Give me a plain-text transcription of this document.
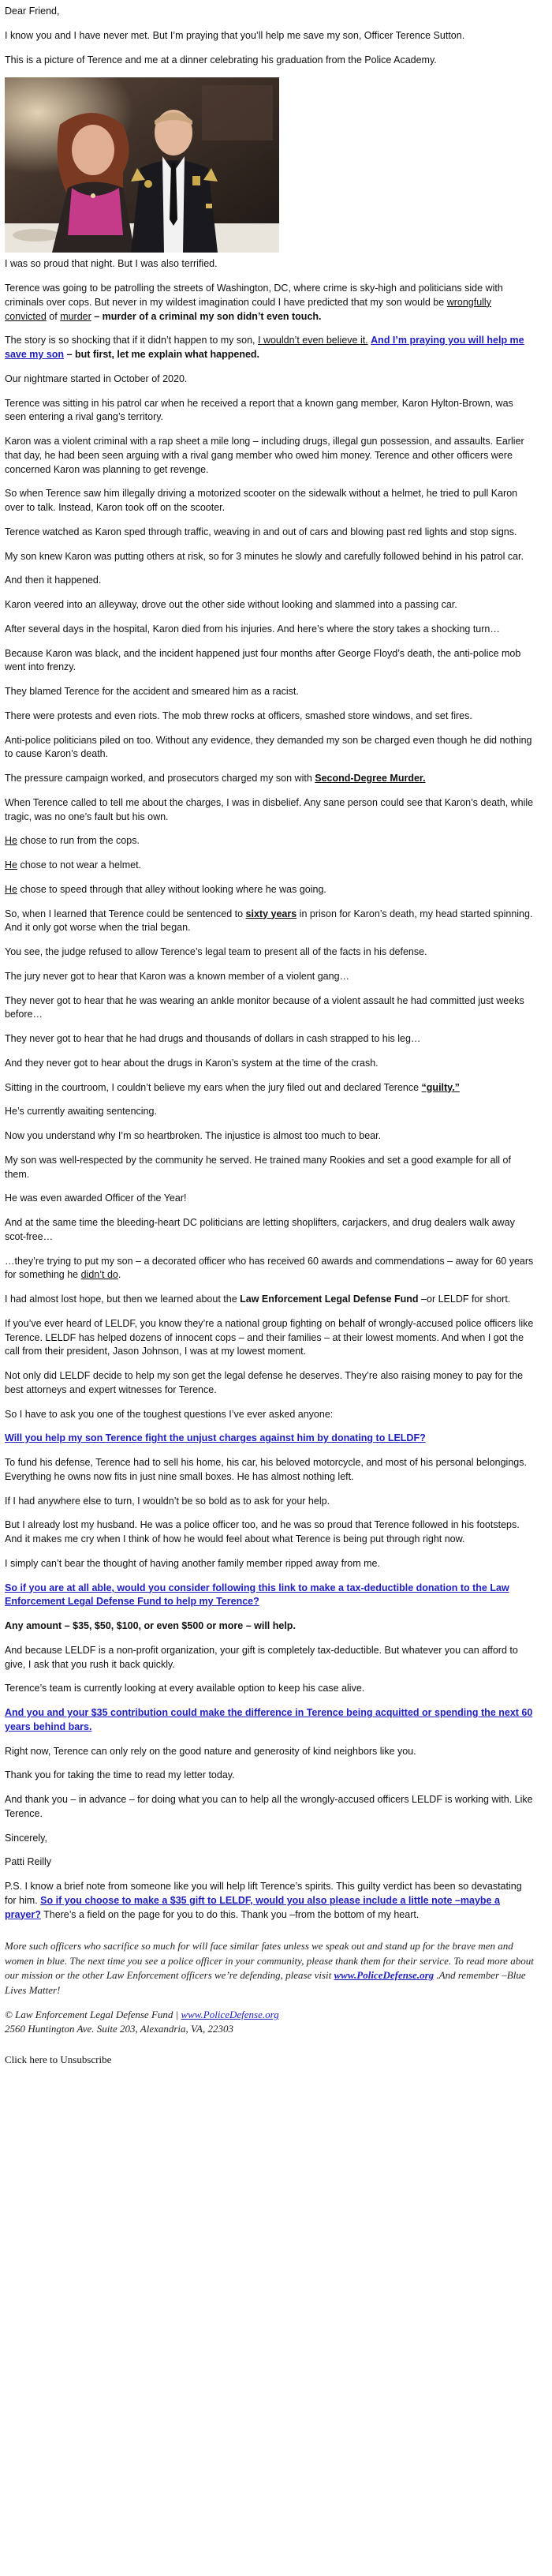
Dear Friend,

I know you and I have never met. But I’m praying that you’ll help me save my son, Officer Terence Sutton.

This is a picture of Terence and me at a dinner celebrating his graduation from the Police Academy.

I was so proud that night. But I was also terrified.

Terence was going to be patrolling the streets of Washington, DC, where crime is sky-high and politicians side with criminals over cops. But never in my wildest imagination could I have predicted that my son would be wrongfully convicted of murder – murder of a criminal my son didn’t even touch.

The story is so shocking that if it didn’t happen to my son, I wouldn’t even believe it. And I’m praying you will help me save my son – but first, let me explain what happened.

Our nightmare started in October of 2020.

Terence was sitting in his patrol car when he received a report that a known gang member, Karon Hylton-Brown, was seen entering a rival gang’s territory.

Karon was a violent criminal with a rap sheet a mile long – including drugs, illegal gun possession, and assaults. Earlier that day, he had been seen arguing with a rival gang member who owed him money. Terence and other officers were concerned Karon was planning to get revenge.

So when Terence saw him illegally driving a motorized scooter on the sidewalk without a helmet, he tried to pull Karon over to talk. Instead, Karon took off on the scooter.

Terence watched as Karon sped through traffic, weaving in and out of cars and blowing past red lights and stop signs.

My son knew Karon was putting others at risk, so for 3 minutes he slowly and carefully followed behind in his patrol car.

And then it happened.

Karon veered into an alleyway, drove out the other side without looking and slammed into a passing car.

After several days in the hospital, Karon died from his injuries. And here’s where the story takes a shocking turn…

Because Karon was black, and the incident happened just four months after George Floyd’s death, the anti-police mob went into frenzy.

They blamed Terence for the accident and smeared him as a racist.

There were protests and even riots. The mob threw rocks at officers, smashed store windows, and set fires.

Anti-police politicians piled on too. Without any evidence, they demanded my son be charged even though he did nothing to cause Karon’s death.

The pressure campaign worked, and prosecutors charged my son with Second-Degree Murder.

When Terence called to tell me about the charges, I was in disbelief. Any sane person could see that Karon’s death, while tragic, was no one’s fault but his own.

He chose to run from the cops.

He chose to not wear a helmet.

He chose to speed through that alley without looking where he was going.

So, when I learned that Terence could be sentenced to sixty years in prison for Karon’s death, my head started spinning. And it only got worse when the trial began.

You see, the judge refused to allow Terence’s legal team to present all of the facts in his defense.

The jury never got to hear that Karon was a known member of a violent gang…

They never got to hear that he was wearing an ankle monitor because of a violent assault he had committed just weeks before…

They never got to hear that he had drugs and thousands of dollars in cash strapped to his leg…

And they never got to hear about the drugs in Karon’s system at the time of the crash.

Sitting in the courtroom, I couldn’t believe my ears when the jury filed out and declared Terence “guilty.”

He’s currently awaiting sentencing.

Now you understand why I’m so heartbroken. The injustice is almost too much to bear.

My son was well-respected by the community he served. He trained many Rookies and set a good example for all of them.

He was even awarded Officer of the Year!

And at the same time the bleeding-heart DC politicians are letting shoplifters, carjackers, and drug dealers walk away scot-free…

…they’re trying to put my son – a decorated officer who has received 60 awards and commendations – away for 60 years for something he didn’t do.

I had almost lost hope, but then we learned about the Law Enforcement Legal Defense Fund –or LELDF for short.

If you’ve ever heard of LELDF, you know they’re a national group fighting on behalf of wrongly-accused police officers like Terence. LELDF has helped dozens of innocent cops – and their families – at their lowest moments. And when I got the call from their president, Jason Johnson, I was at my lowest moment.

Not only did LELDF decide to help my son get the legal defense he deserves. They’re also raising money to pay for the best attorneys and expert witnesses for Terence.

So I have to ask you one of the toughest questions I’ve ever asked anyone:

Will you help my son Terence fight the unjust charges against him by donating to LELDF?

To fund his defense, Terence had to sell his home, his car, his beloved motorcycle, and most of his personal belongings. Everything he owns now fits in just nine small boxes. He has almost nothing left.

If I had anywhere else to turn, I wouldn’t be so bold as to ask for your help.

But I already lost my husband. He was a police officer too, and he was so proud that Terence followed in his footsteps. And it makes me cry when I think of how he would feel about what Terence is being put through right now.

I simply can’t bear the thought of having another family member ripped away from me.

So if you are at all able, would you consider following this link to make a tax-deductible donation to the Law Enforcement Legal Defense Fund to help my Terence?

Any amount – $35, $50, $100, or even $500 or more – will help.

And because LELDF is a non-profit organization, your gift is completely tax-deductible. But whatever you can afford to give, I ask that you rush it back quickly.

Terence’s team is currently looking at every available option to keep his case alive.

And you and your $35 contribution could make the difference in Terence being acquitted or spending the next 60 years behind bars.

Right now, Terence can only rely on the good nature and generosity of kind neighbors like you.

Thank you for taking the time to read my letter today.

And thank you – in advance – for doing what you can to help all the wrongly-accused officers LELDF is working with. Like Terence.

Sincerely,

Patti Reilly

P.S. I know a brief note from someone like you will help lift Terence’s spirits. This guilty verdict has been so devastating for him. So if you choose to make a $35 gift to LELDF, would you also please include a little note –maybe a prayer? There’s a field on the page for you to do this. Thank you –from the bottom of my heart.

More such officers who sacrifice so much for will face similar fates unless we speak out and stand up for the brave men and women in blue. The next time you see a police officer in your community, please thank them for their service. To read more about our mission or the other Law Enforcement officers we’re defending, please visit www.PoliceDefense.org .And remember –Blue Lives Matter!

© Law Enforcement Legal Defense Fund | www.PoliceDefense.org
2560 Huntington Ave. Suite 203, Alexandria, VA, 22303
Click here to Unsubscribe
